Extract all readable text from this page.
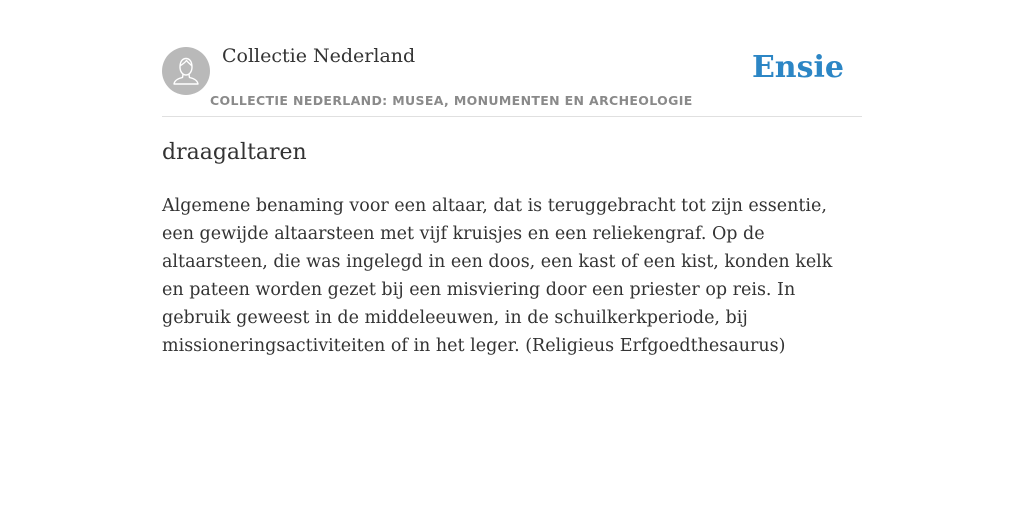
Collectie Nederland
COLLECTIE NEDERLAND: MUSEA, MONUMENTEN EN ARCHEOLOGIE
Ensie
draagaltaren

Algemene benaming voor een altaar, dat is teruggebracht tot zijn essentie, een gewijde altaarsteen met vijf kruisjes en een reliekengraf. Op de altaarsteen, die was ingelegd in een doos, een kast of een kist, konden kelk en pateen worden gezet bij een misviering door een priester op reis. In gebruik geweest in de middeleeuwen, in de schuilkerkperiode, bij missioneringsactiviteiten of in het leger. (Religieus Erfgoedthesaurus)
